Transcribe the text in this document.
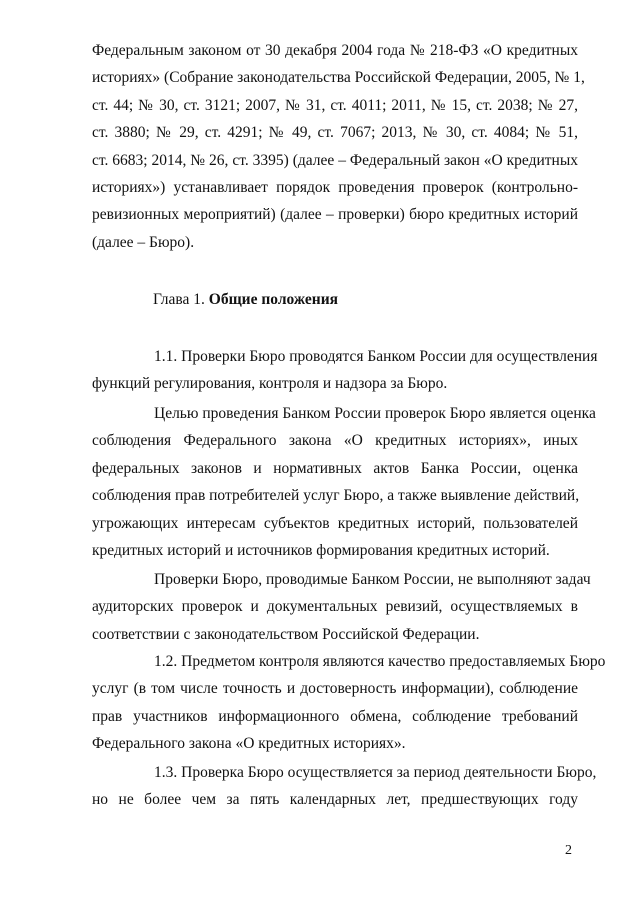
Федеральным законом от 30 декабря 2004 года № 218-ФЗ «О кредитных
историях» (Собрание законодательства Российской Федерации, 2005, № 1,
ст. 44; № 30, ст. 3121; 2007, № 31, ст. 4011; 2011, № 15, ст. 2038; № 27,
ст. 3880; № 29, ст. 4291; № 49, ст. 7067; 2013, № 30, ст. 4084; № 51,
ст. 6683; 2014, № 26, ст. 3395) (далее – Федеральный закон «О кредитных
историях») устанавливает порядок проведения проверок (контрольно-
ревизионных мероприятий) (далее – проверки) бюро кредитных историй
(далее – Бюро).
Глава 1. Общие положения
1.1. Проверки Бюро проводятся Банком России для осуществления
функций регулирования, контроля и надзора за Бюро.
Целью проведения Банком России проверок Бюро является оценка
соблюдения Федерального закона «О кредитных историях», иных
федеральных законов и нормативных актов Банка России, оценка
соблюдения прав потребителей услуг Бюро, а также выявление действий,
угрожающих интересам субъектов кредитных историй, пользователей
кредитных историй и источников формирования кредитных историй.
Проверки Бюро, проводимые Банком России, не выполняют задач
аудиторских проверок и документальных ревизий, осуществляемых в
соответствии с законодательством Российской Федерации.
1.2. Предметом контроля являются качество предоставляемых Бюро
услуг (в том числе точность и достоверность информации), соблюдение
прав участников информационного обмена, соблюдение требований
Федерального закона «О кредитных историях».
1.3. Проверка Бюро осуществляется за период деятельности Бюро,
но не более чем за пять календарных лет, предшествующих году
2
